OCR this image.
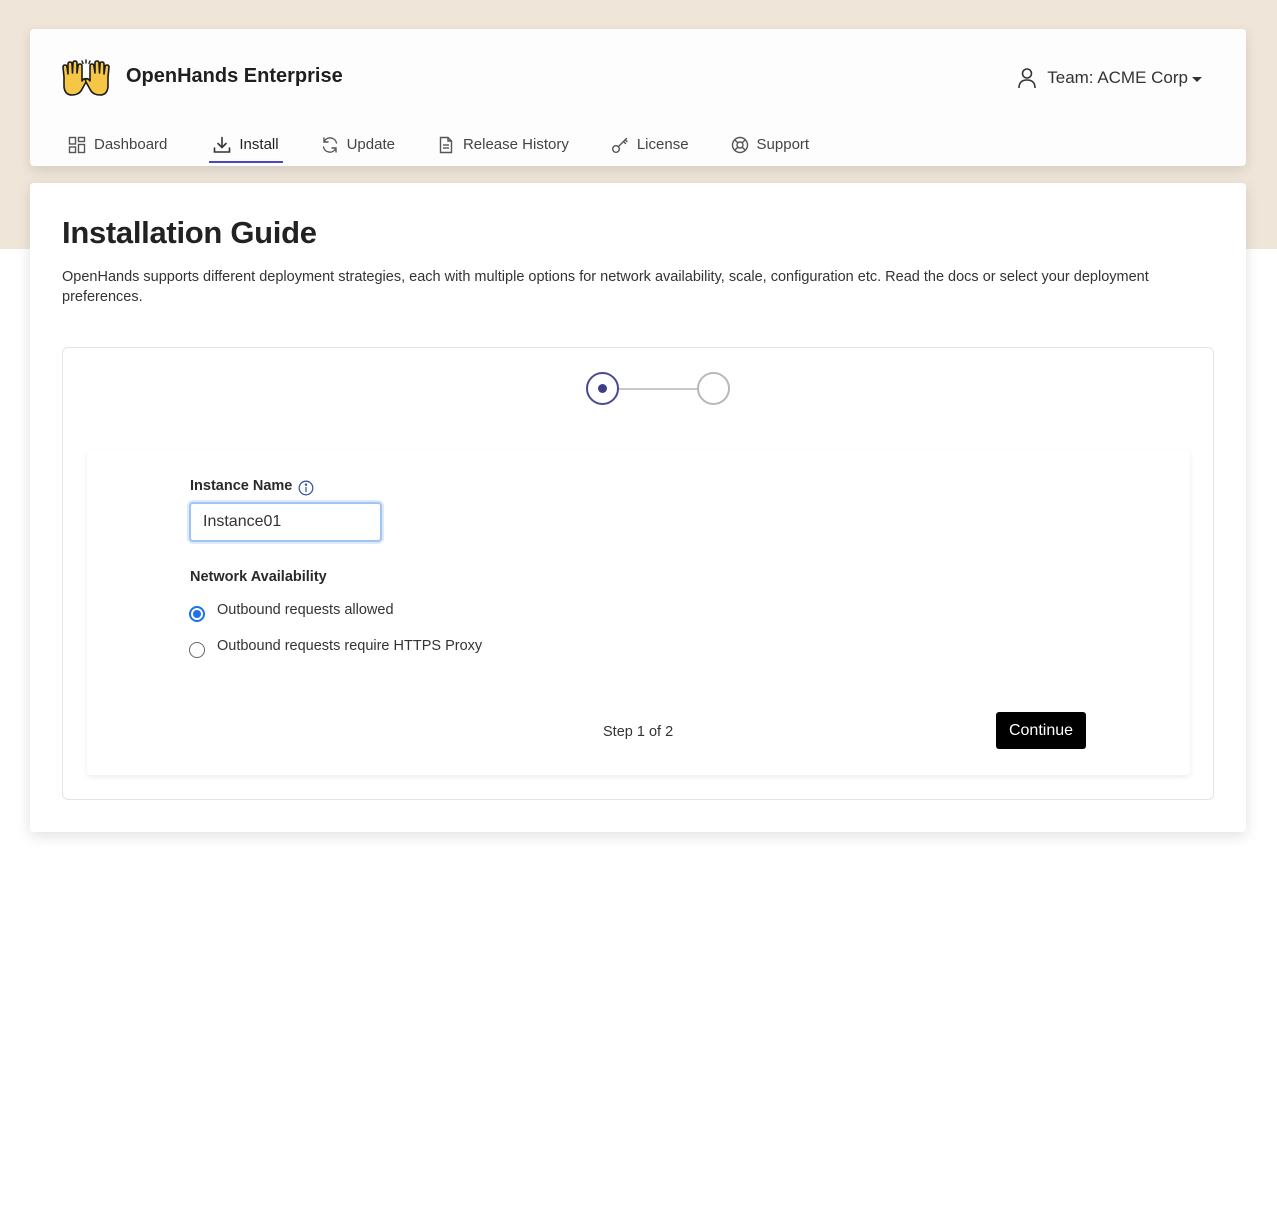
OpenHands Enterprise	Team: ACME Corp
Dashboard	Install	Update	Release History	License	Support
Installation Guide

OpenHands supports different deployment strategies, each with multiple options for network availability, scale, configuration etc. Read the docs or select your deployment preferences.

Instance Name
Instance01
Network Availability
Outbound requests allowed
Outbound requests require HTTPS Proxy
Step 1 of 2	Continue
